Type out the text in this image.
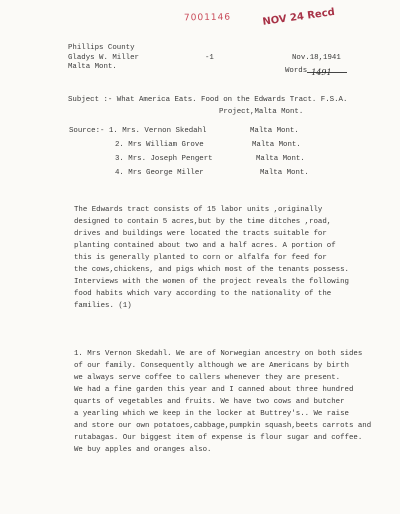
7001146	NOV 24 Recd
Phillips County
Gladys W. Miller
Malta Mont.
-1	Nov.18,1941
Words 1491
Subject :- What America Eats. Food on the Edwards Tract. F.S.A.
Project,Malta Mont.
Source:- 1. Mrs. Vernon Skedahl	Malta Mont.
2. Mrs William Grove	Malta Mont.
3. Mrs. Joseph Pengert	Malta Mont.
4. Mrs George Miller	Malta Mont.
The Edwards tract consists of 15 labor units ,originally
designed to contain 5 acres,but by the time ditches ,road,
drives and buildings were located the tracts suitable for
planting contained about two and a half acres. A portion of
this is generally planted to corn or alfalfa for feed for
the cows,chickens, and pigs which most of the tenants possess.
Interviews with the women of the project reveals the following
food habits which vary according to the nationality of the
families. (1)
1. Mrs Vernon Skedahl. We are of Norwegian ancestry on both sides
of our family. Consequently although we are Americans by birth
we always serve coffee to callers whenever they are present.
We had a fine garden this year and I canned about three hundred
quarts of vegetables and fruits. We have two cows and butcher
a yearling which we keep in the locker at Buttrey's.. We raise
and store our own potatoes,cabbage,pumpkin squash,beets carrots and
rutabagas. Our biggest item of expense is flour sugar and coffee.
We buy apples and oranges also.
